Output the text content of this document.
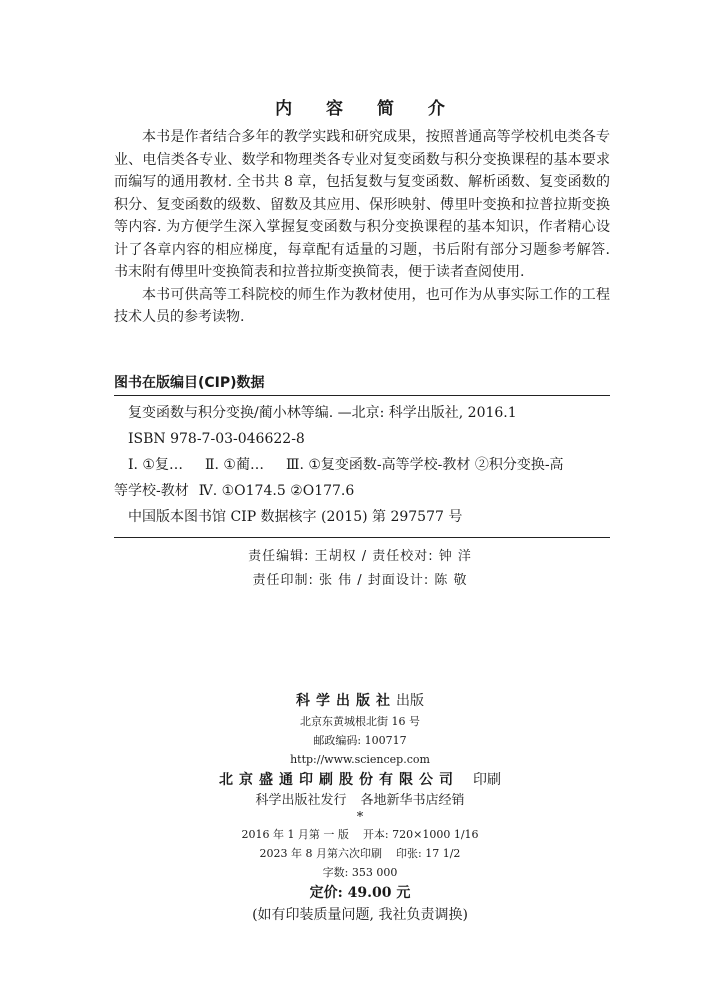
内 容 简 介

本书是作者结合多年的教学实践和研究成果，按照普通高等学校机电类各专业、电信类各专业、数学和物理类各专业对复变函数与积分变换课程的基本要求而编写的通用教材. 全书共 8 章，包括复数与复变函数、解析函数、复变函数的积分、复变函数的级数、留数及其应用、保形映射、傅里叶变换和拉普拉斯变换等内容. 为方便学生深入掌握复变函数与积分变换课程的基本知识，作者精心设计了各章内容的相应梯度，每章配有适量的习题，书后附有部分习题参考解答. 书末附有傅里叶变换简表和拉普拉斯变换简表，便于读者查阅使用.

本书可供高等工科院校的师生作为教材使用，也可作为从事实际工作的工程技术人员的参考读物.

图书在版编目(CIP)数据
复变函数与积分变换/蔺小林等编. —北京: 科学出版社, 2016.1
ISBN 978-7-03-046622-8
Ⅰ. ①复… Ⅱ. ①蔺… Ⅲ. ①复变函数-高等学校-教材 ②积分变换-高
等学校-教材 Ⅳ. ①O174.5 ②O177.6
中国版本图书馆 CIP 数据核字 (2015) 第 297577 号
责任编辑: 王胡权 / 责任校对: 钟 洋
责任印制: 张 伟 / 封面设计: 陈 敬
科学出版社出版
北京东黄城根北街 16 号
邮政编码: 100717
http://www.sciencep.com
北京盛通印刷股份有限公司 印刷
科学出版社发行 各地新华书店经销
*
2016 年 1 月第 一 版 开本: 720×1000 1/16
2023 年 8 月第六次印刷 印张: 17 1/2
字数: 353 000
定价: 49.00 元
(如有印装质量问题, 我社负责调换)
